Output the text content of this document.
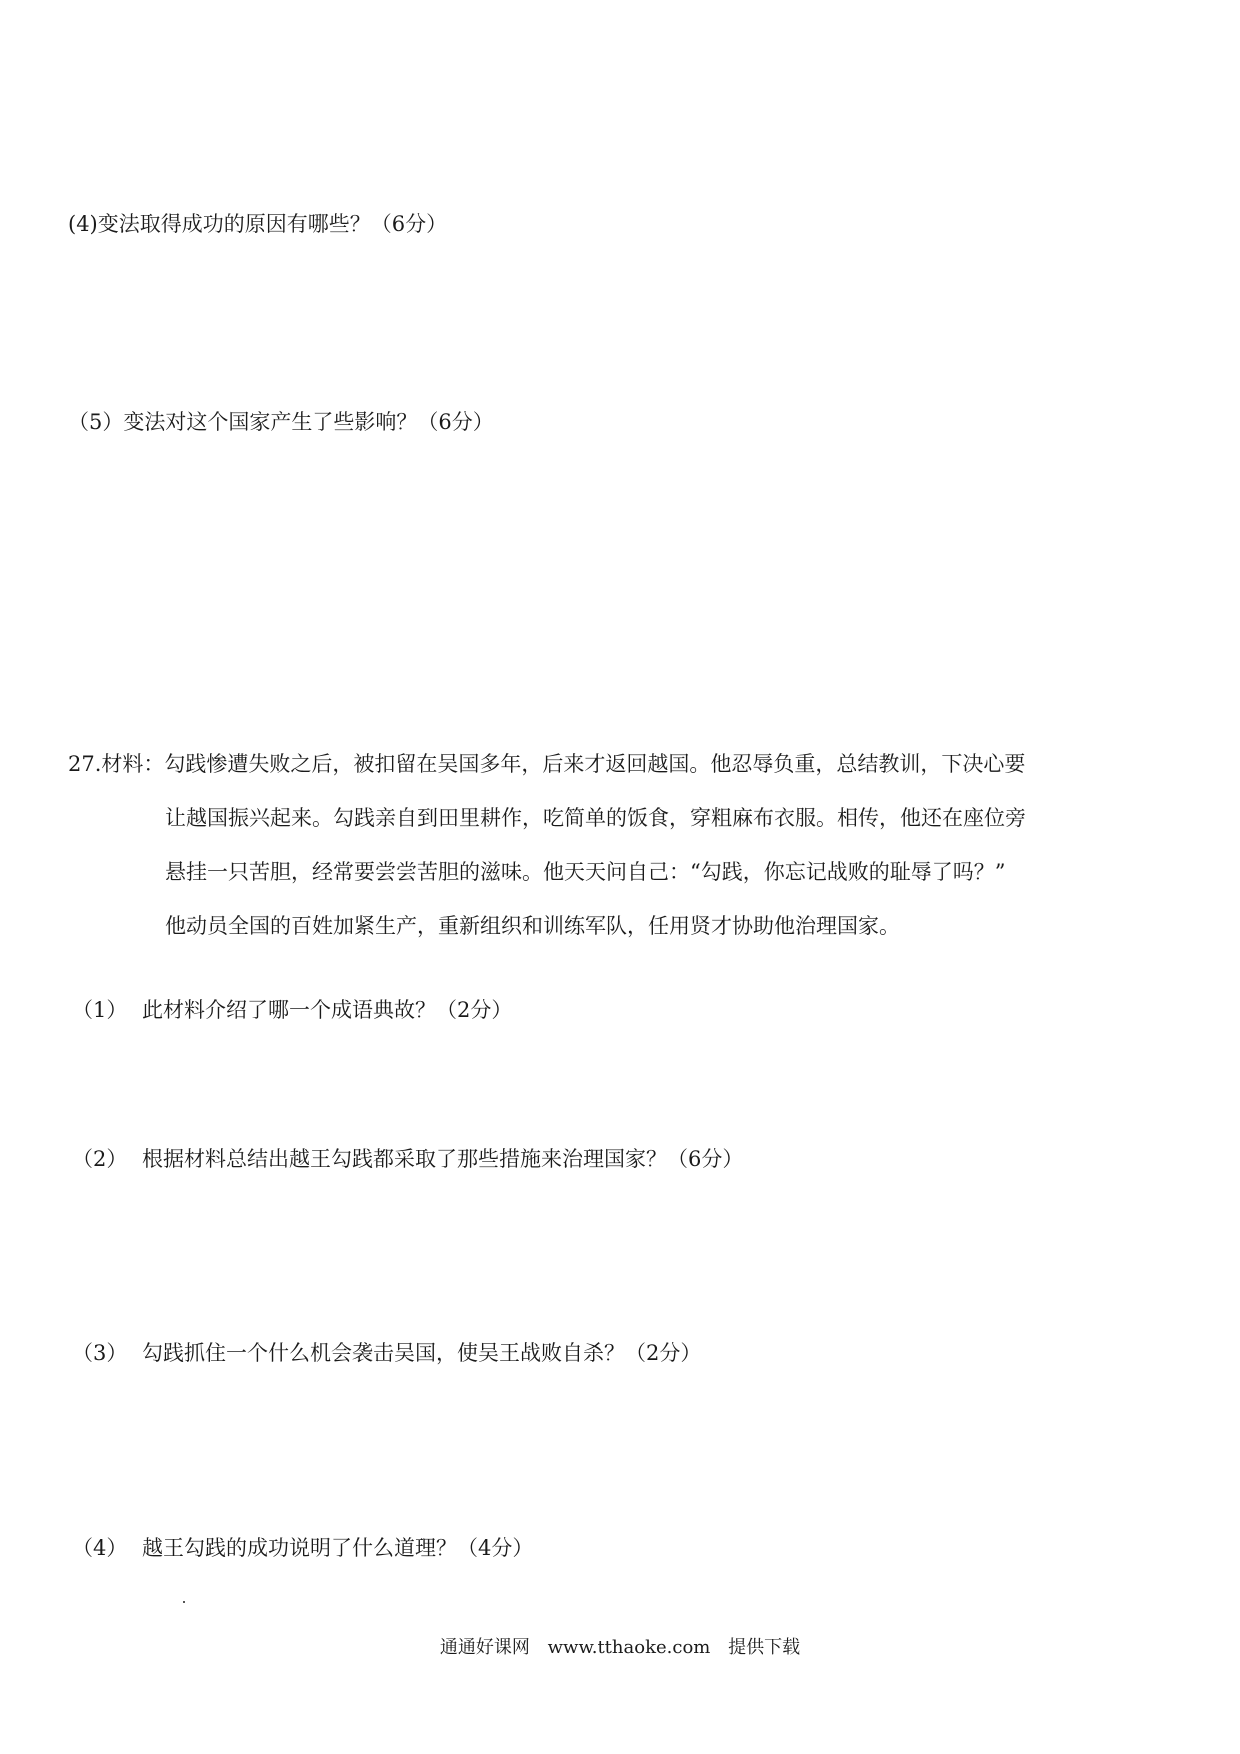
(4)变法取得成功的原因有哪些？（6分）
（5）变法对这个国家产生了些影响？（6分）
27.材料：勾践惨遭失败之后，被扣留在吴国多年，后来才返回越国。他忍辱负重，总结教训，下决心要
让越国振兴起来。勾践亲自到田里耕作，吃简单的饭食，穿粗麻布衣服。相传，他还在座位旁
悬挂一只苦胆，经常要尝尝苦胆的滋味。他天天问自己：“勾践，你忘记战败的耻辱了吗？”
他动员全国的百姓加紧生产，重新组织和训练军队，任用贤才协助他治理国家。
（1） 此材料介绍了哪一个成语典故？（2分）
（2） 根据材料总结出越王勾践都采取了那些措施来治理国家？（6分）
（3） 勾践抓住一个什么机会袭击吴国，使吴王战败自杀？（2分）
（4） 越王勾践的成功说明了什么道理？（4分）
通通好课网 www.tthaoke.com 提供下载
